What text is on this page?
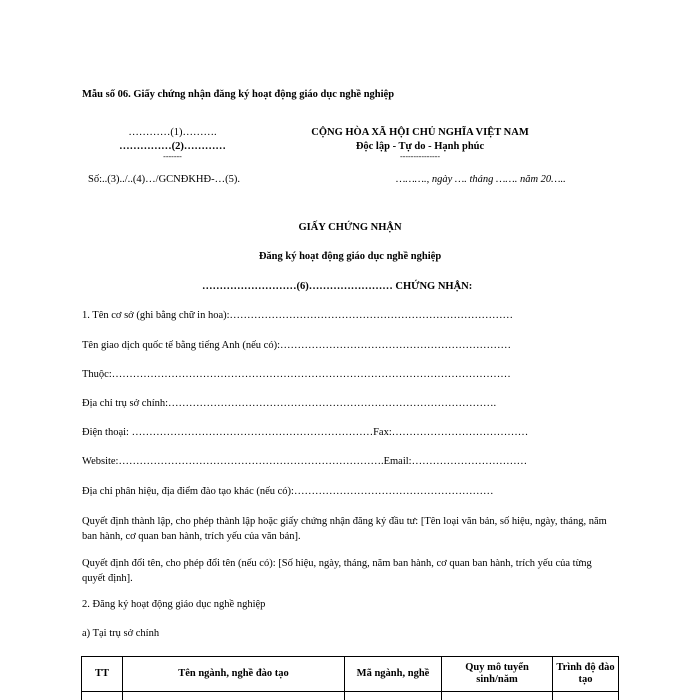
Mẫu số 06. Giấy chứng nhận đăng ký hoạt động giáo dục nghề nghiệp
…………(1)……….
……………(2)…………
-------
Số:..(3)../..(4)…/GCNĐKHĐ-…(5).
CỘNG HÒA XÃ HỘI CHỦ NGHĨA VIỆT NAM
Độc lập - Tự do - Hạnh phúc
---------------
………., ngày …. tháng ……. năm 20…..
GIẤY CHỨNG NHẬN
Đăng ký hoạt động giáo dục nghề nghiệp
………………………(6)…………………… CHỨNG NHẬN:
1. Tên cơ sở (ghi bằng chữ in hoa):………………………………………………………………………
Tên giao dịch quốc tế bằng tiếng Anh (nếu có):…………………………………………………………
Thuộc:……………………………………………………………………………………………………
Địa chỉ trụ sở chính:………………………………………………………………………………….
Điện thoại: ……………………………………………………………Fax:…………………………………
Website:………………………………………………………………….Email:……………………………
Địa chỉ phân hiệu, địa điểm đào tạo khác (nếu có):…………………………………………………
Quyết định thành lập, cho phép thành lập hoặc giấy chứng nhận đăng ký đầu tư: [Tên loại văn bản, số hiệu, ngày, tháng, năm ban hành, cơ quan ban hành, trích yếu của văn bản].
Quyết định đổi tên, cho phép đổi tên (nếu có): [Số hiệu, ngày, tháng, năm ban hành, cơ quan ban hành, trích yếu của từng quyết định].
2. Đăng ký hoạt động giáo dục nghề nghiệp
a) Tại trụ sở chính
TT	Tên ngành, nghề đào tạo	Mã ngành, nghề	Quy mô tuyển sinh/năm	Trình độ đào tạo
